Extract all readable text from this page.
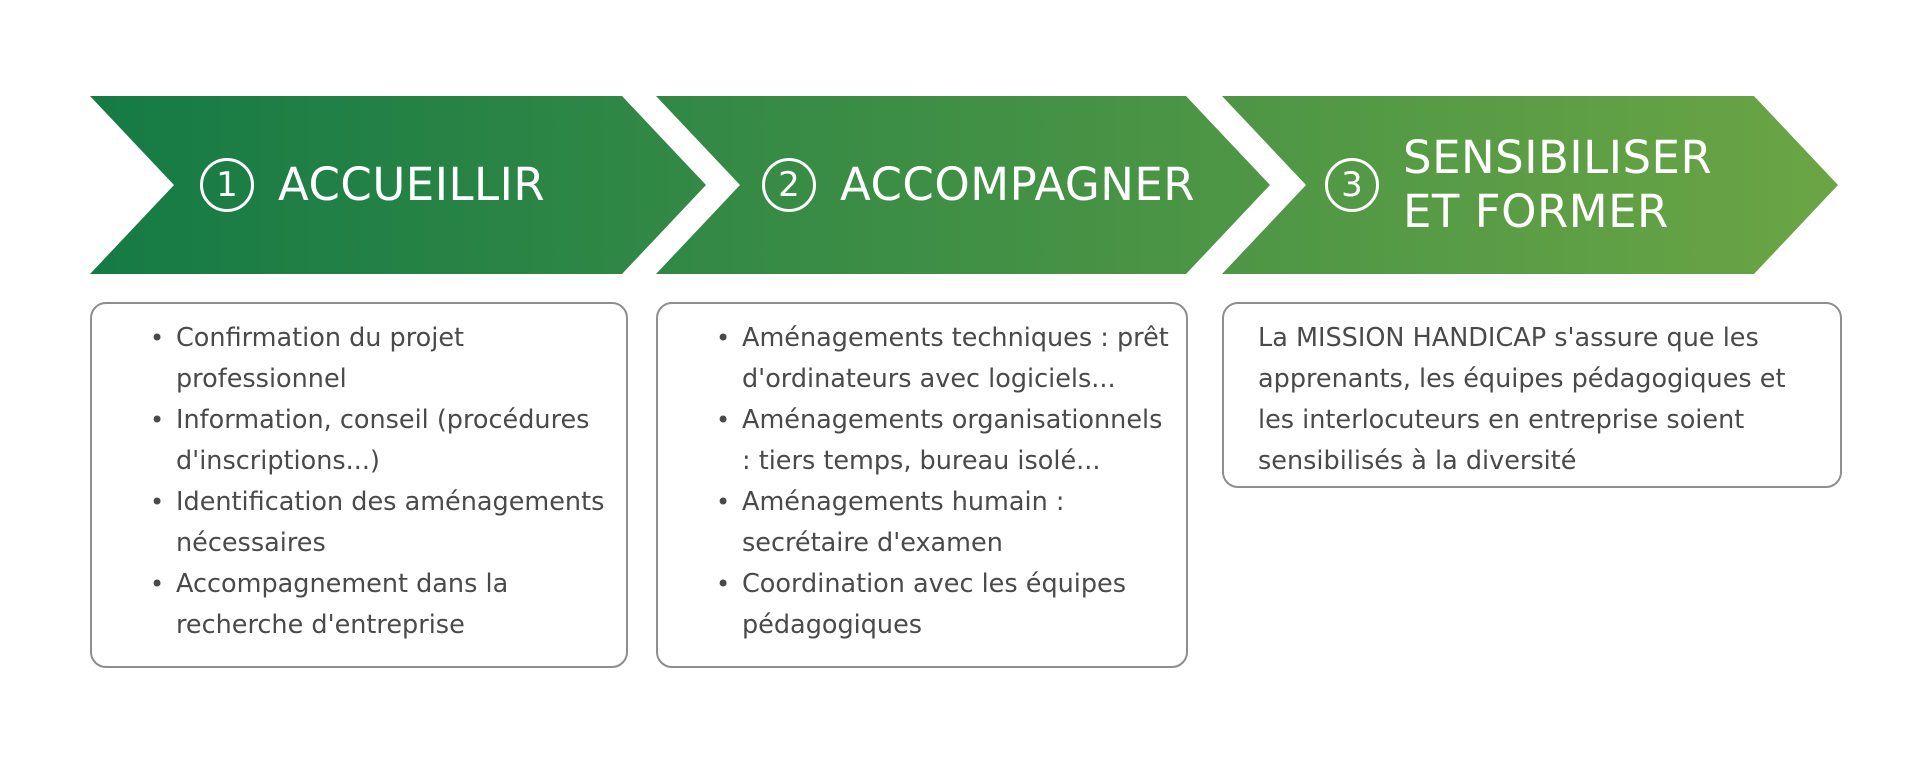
1 ACCUEILLIR	2 ACCOMPAGNER	3
SENSIBILISER ET FORMER
• Confirmation du projet professionnel
• Information, conseil (procédures d'inscriptions...)
• Identification des aménagements nécessaires
• Accompagnement dans la recherche d'entreprise
• Aménagements techniques : prêt d'ordinateurs avec logiciels...
• Aménagements organisationnels : tiers temps, bureau isolé...
• Aménagements humain : secrétaire d'examen
• Coordination avec les équipes pédagogiques

La MISSION HANDICAP s'assure que les apprenants, les équipes pédagogiques et les interlocuteurs en entreprise soient sensibilisés à la diversité
